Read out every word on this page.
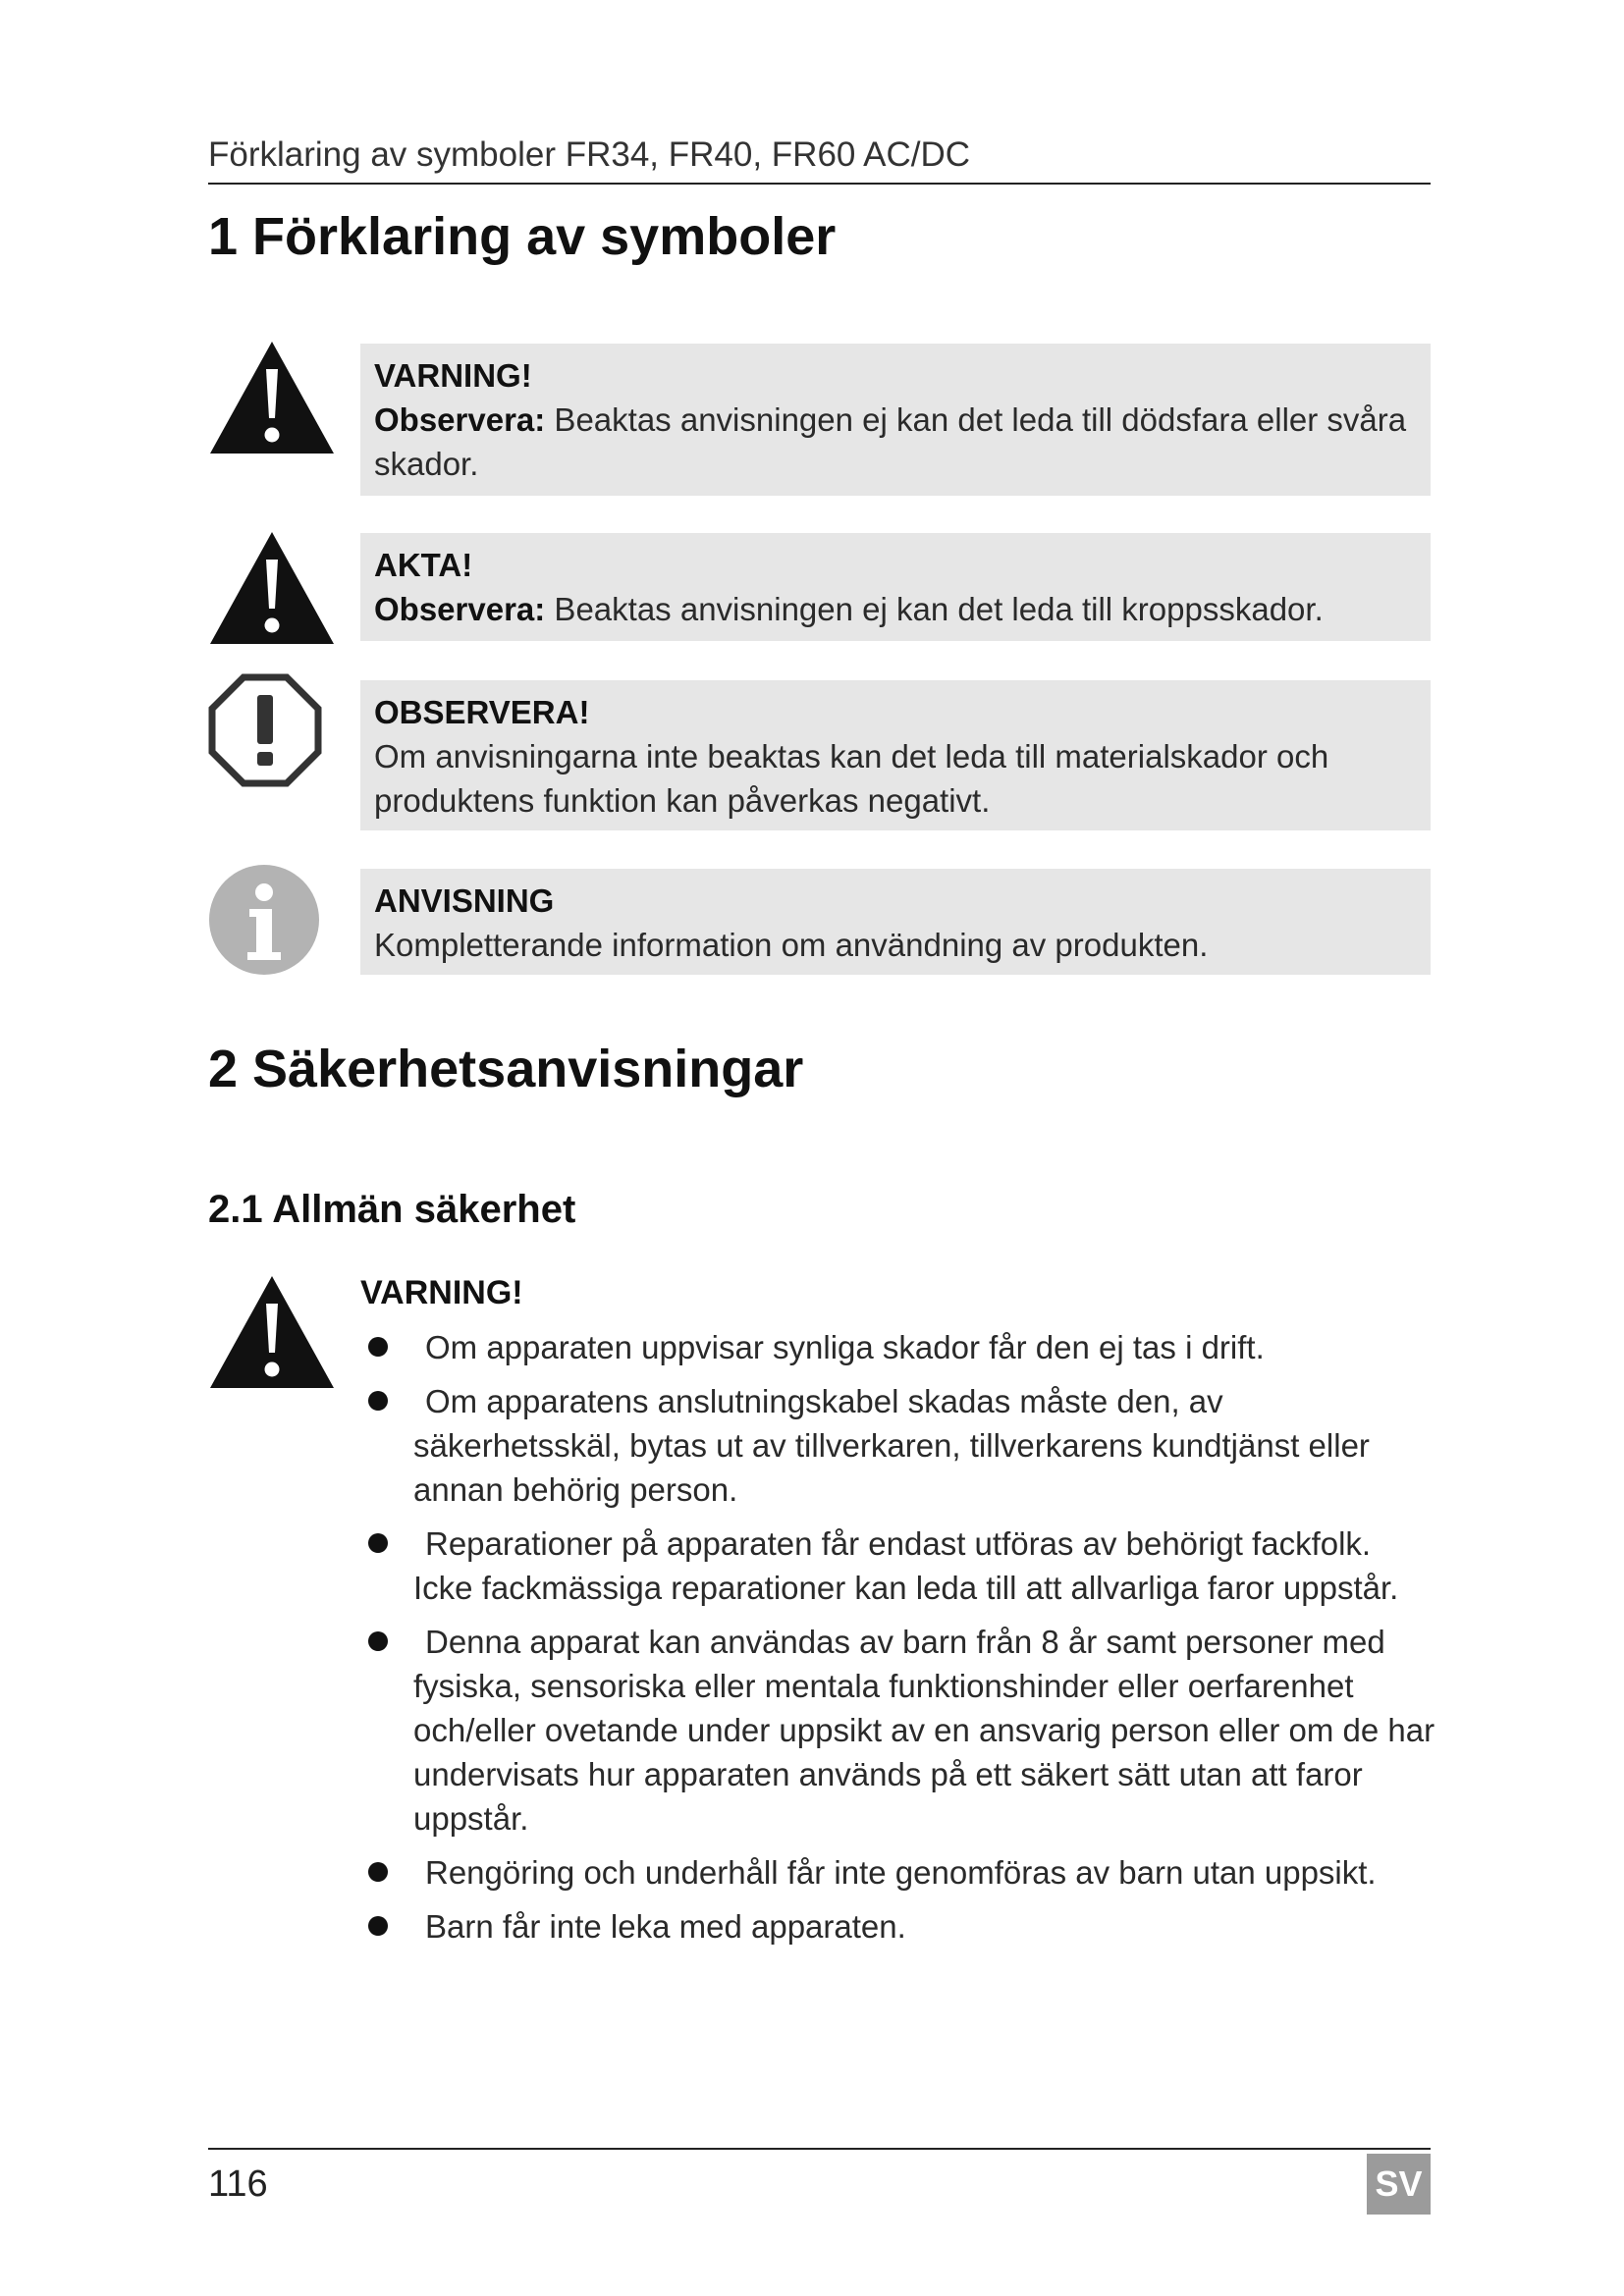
Förklaring av symboler FR34, FR40, FR60 AC/DC
1 Förklaring av symboler
VARNING!
Observera: Beaktas anvisningen ej kan det leda till dödsfara eller svåra skador.
AKTA!
Observera: Beaktas anvisningen ej kan det leda till kroppsskador.
OBSERVERA!
Om anvisningarna inte beaktas kan det leda till materialskador och produktens funktion kan påverkas negativt.
ANVISNING
Kompletterande information om användning av produkten.
2 Säkerhetsanvisningar
2.1 Allmän säkerhet
VARNING!
Om apparaten uppvisar synliga skador får den ej tas i drift.
Om apparatens anslutningskabel skadas måste den, av säkerhetsskäl, bytas ut av tillverkaren, tillverkarens kundtjänst eller annan behörig person.
Reparationer på apparaten får endast utföras av behörigt fackfolk. Icke fackmässiga reparationer kan leda till att allvarliga faror uppstår.
Denna apparat kan användas av barn från 8 år samt personer med fysiska, sensoriska eller mentala funktionshinder eller oerfarenhet och/eller ovetande under uppsikt av en ansvarig person eller om de har undervisats hur apparaten används på ett säkert sätt utan att faror uppstår.
Rengöring och underhåll får inte genomföras av barn utan uppsikt.
Barn får inte leka med apparaten.
116	SV
